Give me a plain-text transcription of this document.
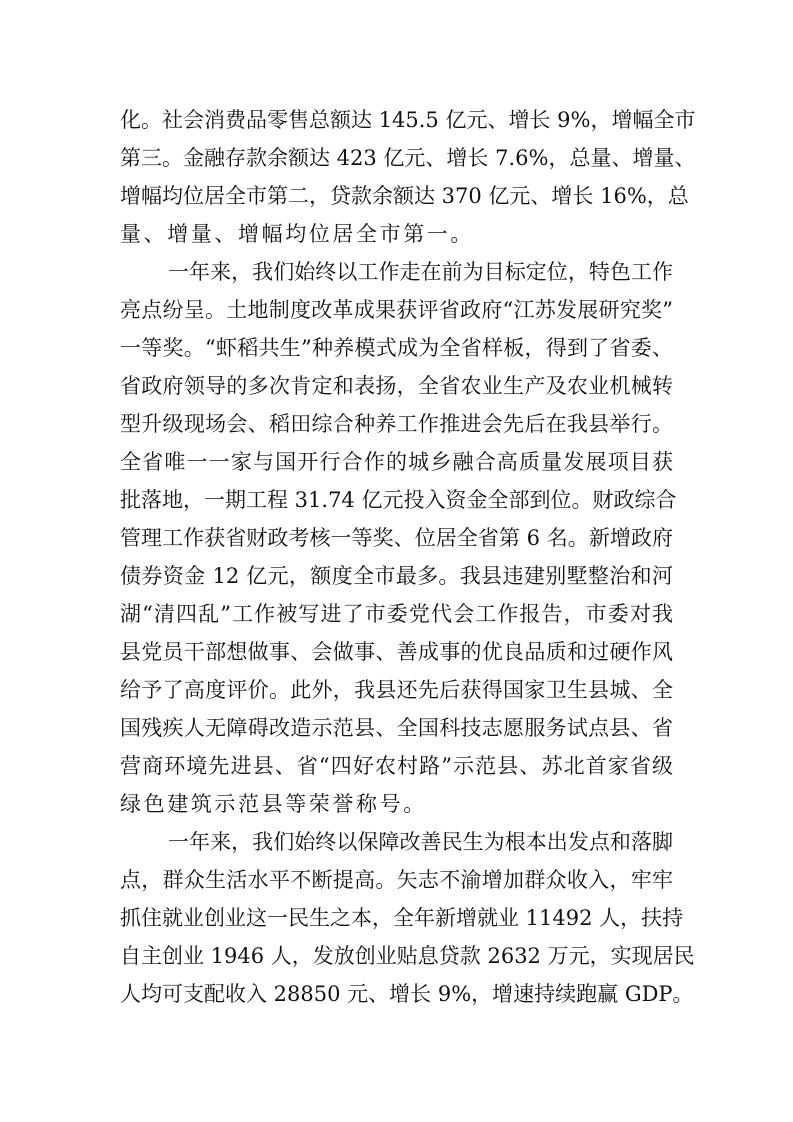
化。社会消费品零售总额达 145.5 亿元、增长 9%，增幅全市
第三。金融存款余额达 423 亿元、增长 7.6%，总量、增量、
增幅均位居全市第二，贷款余额达 370 亿元、增长 16%，总
量、增量、增幅均位居全市第一。
一年来，我们始终以工作走在前为目标定位，特色工作
亮点纷呈。土地制度改革成果获评省政府“江苏发展研究奖”
一等奖。“虾稻共生”种养模式成为全省样板，得到了省委、
省政府领导的多次肯定和表扬，全省农业生产及农业机械转
型升级现场会、稻田综合种养工作推进会先后在我县举行。
全省唯一一家与国开行合作的城乡融合高质量发展项目获
批落地，一期工程 31.74 亿元投入资金全部到位。财政综合
管理工作获省财政考核一等奖、位居全省第 6 名。新增政府
债券资金 12 亿元，额度全市最多。我县违建别墅整治和河
湖“清四乱”工作被写进了市委党代会工作报告，市委对我
县党员干部想做事、会做事、善成事的优良品质和过硬作风
给予了高度评价。此外，我县还先后获得国家卫生县城、全
国残疾人无障碍改造示范县、全国科技志愿服务试点县、省
营商环境先进县、省“四好农村路”示范县、苏北首家省级
绿色建筑示范县等荣誉称号。
一年来，我们始终以保障改善民生为根本出发点和落脚
点，群众生活水平不断提高。矢志不渝增加群众收入，牢牢
抓住就业创业这一民生之本，全年新增就业 11492 人，扶持
自主创业 1946 人，发放创业贴息贷款 2632 万元，实现居民
人均可支配收入 28850 元、增长 9%，增速持续跑赢 GDP。
